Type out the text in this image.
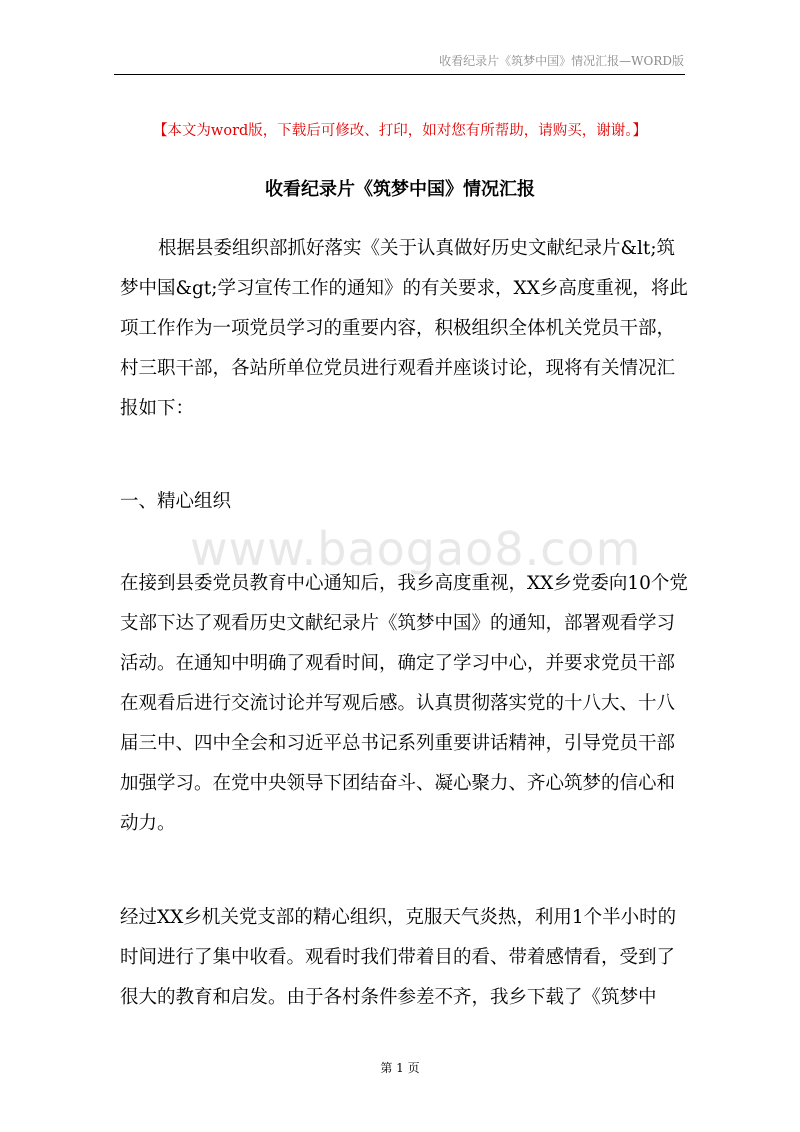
收看纪录片《筑梦中国》情况汇报—WORD版
【本文为word版，下载后可修改、打印，如对您有所帮助，请购买，谢谢。】
收看纪录片《筑梦中国》情况汇报
根据县委组织部抓好落实《关于认真做好历史文献纪录片&lt;筑梦中国&gt;学习宣传工作的通知》的有关要求，XX乡高度重视，将此项工作作为一项党员学习的重要内容，积极组织全体机关党员干部，村三职干部，各站所单位党员进行观看并座谈讨论，现将有关情况汇报如下：
一、精心组织
www.baogao8.com
在接到县委党员教育中心通知后，我乡高度重视，XX乡党委向10个党支部下达了观看历史文献纪录片《筑梦中国》的通知，部署观看学习活动。在通知中明确了观看时间，确定了学习中心，并要求党员干部在观看后进行交流讨论并写观后感。认真贯彻落实党的十八大、十八届三中、四中全会和习近平总书记系列重要讲话精神，引导党员干部加强学习。在党中央领导下团结奋斗、凝心聚力、齐心筑梦的信心和动力。
经过XX乡机关党支部的精心组织，克服天气炎热，利用1个半小时的时间进行了集中收看。观看时我们带着目的看、带着感情看，受到了很大的教育和启发。由于各村条件参差不齐，我乡下载了《筑梦中
第 1 页
